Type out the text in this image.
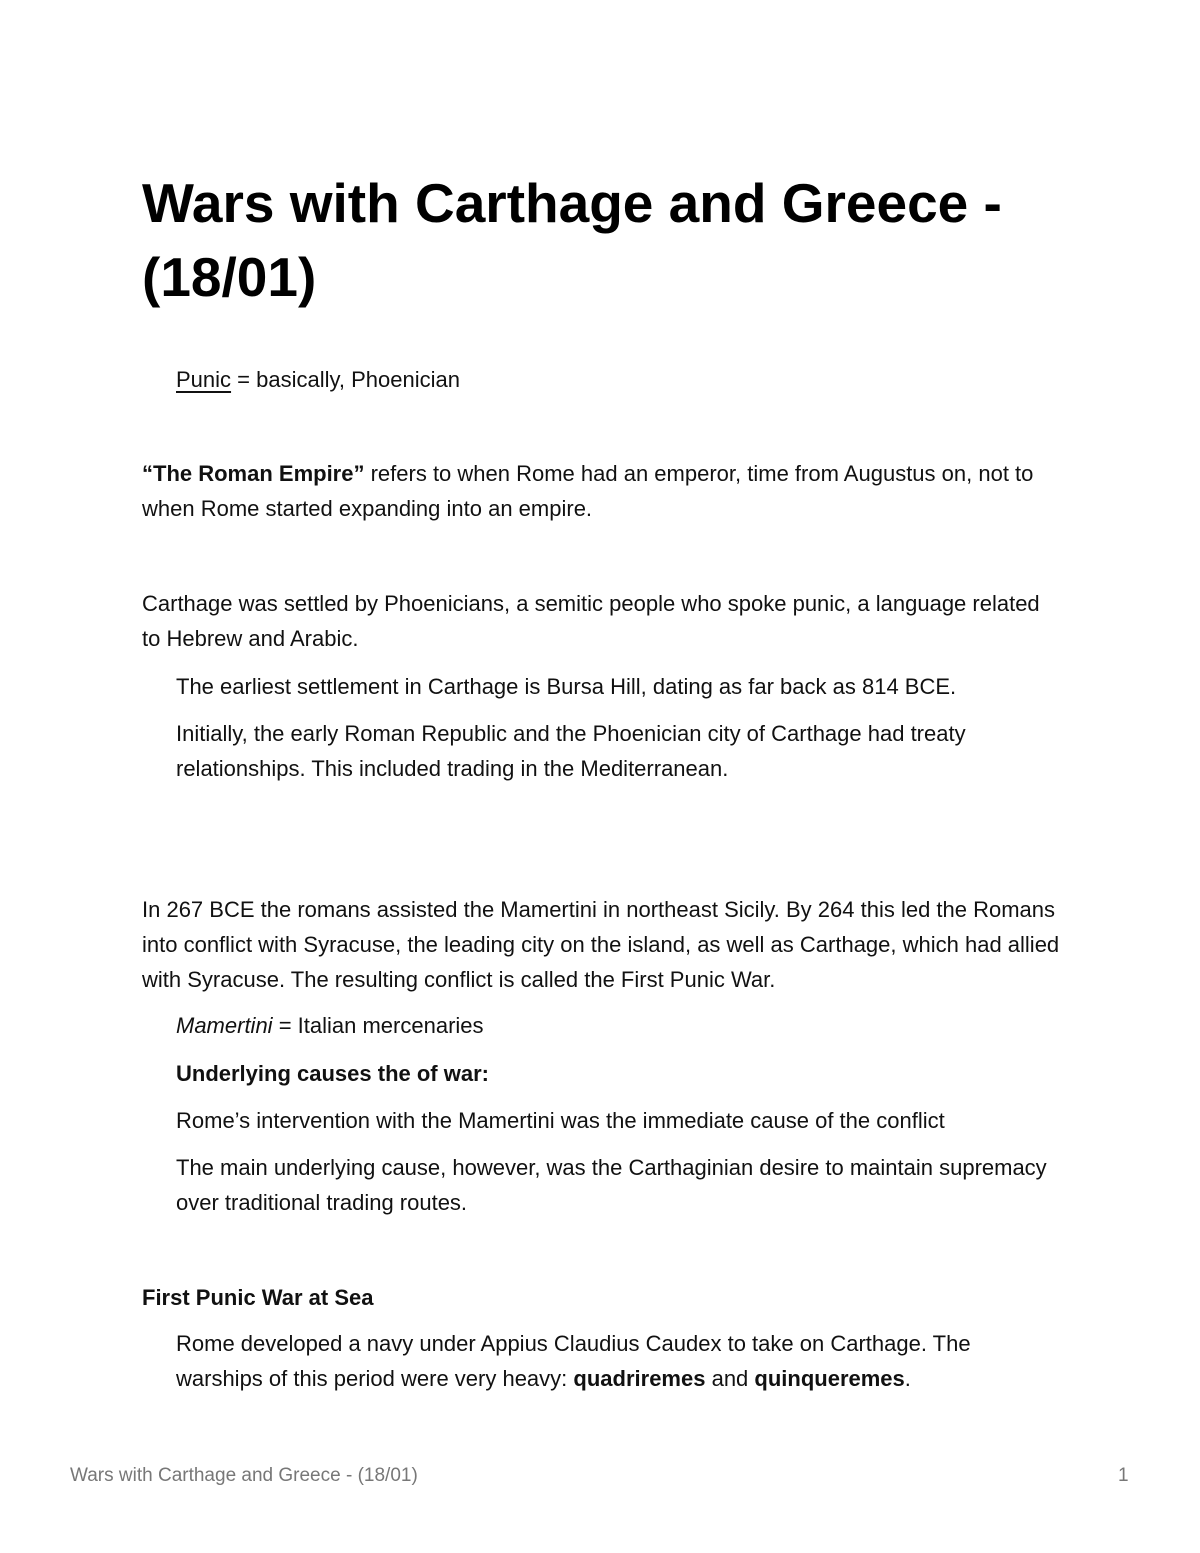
Wars with Carthage and Greece - (18/01)

Punic = basically, Phoenician

“The Roman Empire” refers to when Rome had an emperor, time from Augustus on, not to when Rome started expanding into an empire.

Carthage was settled by Phoenicians, a semitic people who spoke punic, a language related to Hebrew and Arabic.

The earliest settlement in Carthage is Bursa Hill, dating as far back as 814 BCE.

Initially, the early Roman Republic and the Phoenician city of Carthage had treaty relationships. This included trading in the Mediterranean.

In 267 BCE the romans assisted the Mamertini in northeast Sicily. By 264 this led the Romans into conflict with Syracuse, the leading city on the island, as well as Carthage, which had allied with Syracuse. The resulting conflict is called the First Punic War.

Mamertini = Italian mercenaries

Underlying causes the of war:

Rome’s intervention with the Mamertini was the immediate cause of the conflict

The main underlying cause, however, was the Carthaginian desire to maintain supremacy over traditional trading routes.

First Punic War at Sea

Rome developed a navy under Appius Claudius Caudex to take on Carthage. The warships of this period were very heavy: quadriremes and quinqueremes.

Wars with Carthage and Greece - (18/01)	1
